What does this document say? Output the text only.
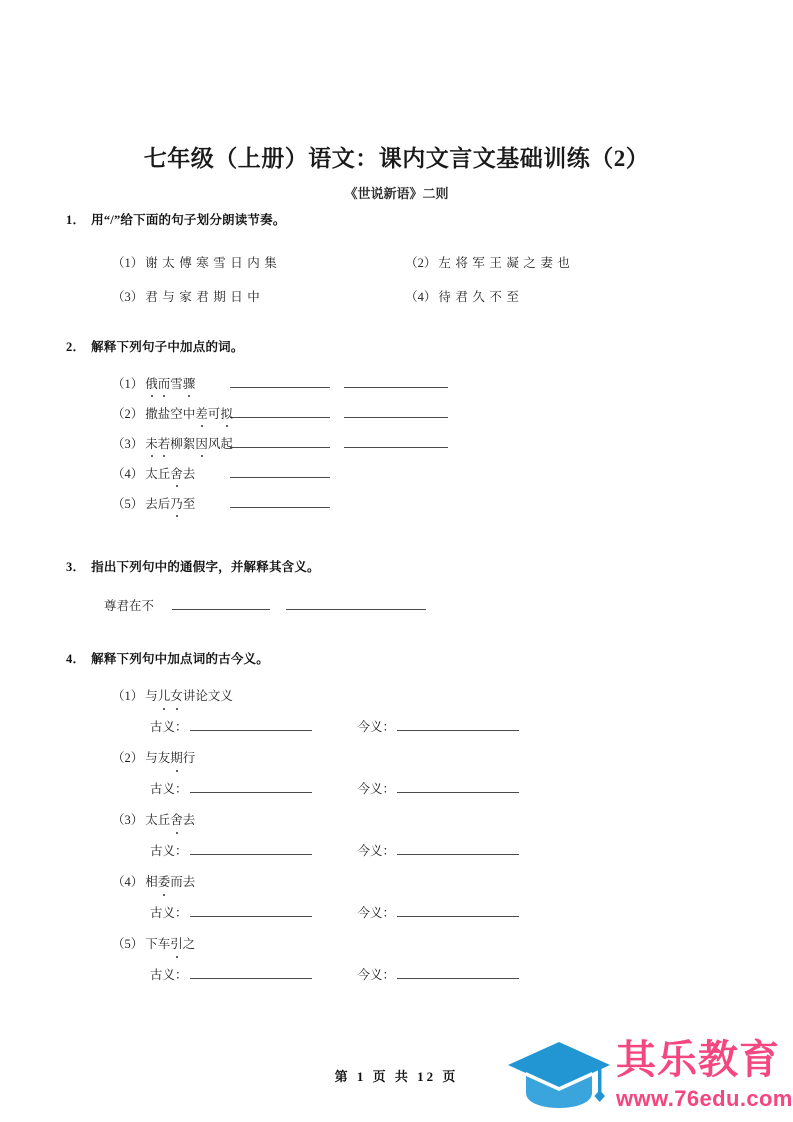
七年级（上册）语文：课内文言文基础训练（2）
《世说新语》二则
1． 用“/”给下面的句子划分朗读节奏。
（1） 谢太傅寒雪日内集	（2） 左将军王凝之妻也
（3） 君与家君期日中	（4） 待君久不至
2． 解释下列句子中加点的词。
（1） 俄而雪骤
（2） 撒盐空中差可拟
（3） 未若柳絮因风起
（4） 太丘舍去
（5） 去后乃至
3． 指出下列句中的通假字，并解释其含义。
尊君在不
4． 解释下列句中加点词的古今义。
（1） 与儿女讲论文义
古义：	今义：
（2） 与友期行
古义：	今义：
（3） 太丘舍去
古义：	今义：
（4） 相委而去
古义：	今义：
（5） 下车引之
古义：	今义：
第 1 页 共 12 页	其乐教育
www.76edu.com
